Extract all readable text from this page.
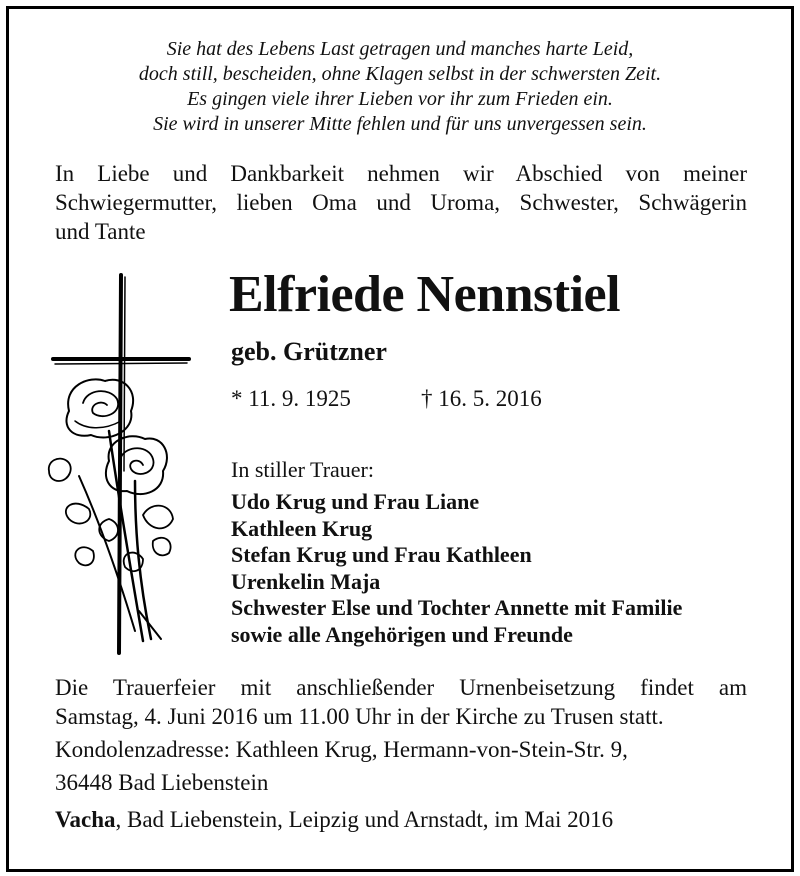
Sie hat des Lebens Last getragen und manches harte Leid,
doch still, bescheiden, ohne Klagen selbst in der schwersten Zeit.
Es gingen viele ihrer Lieben vor ihr zum Frieden ein.
Sie wird in unserer Mitte fehlen und für uns unvergessen sein.
In Liebe und Dankbarkeit nehmen wir Abschied von meiner
Schwiegermutter, lieben Oma und Uroma, Schwester, Schwägerin
und Tante
Elfriede Nennstiel
geb. Grützner
* 11. 9. 1925	† 16. 5. 2016
In stiller Trauer:
Udo Krug und Frau Liane
Kathleen Krug
Stefan Krug und Frau Kathleen
Urenkelin Maja
Schwester Else und Tochter Annette mit Familie
sowie alle Angehörigen und Freunde
Die Trauerfeier mit anschließender Urnenbeisetzung findet am
Samstag, 4. Juni 2016 um 11.00 Uhr in der Kirche zu Trusen statt.
Kondolenzadresse: Kathleen Krug, Hermann-von-Stein-Str. 9,
36448 Bad Liebenstein
Vacha, Bad Liebenstein, Leipzig und Arnstadt, im Mai 2016
